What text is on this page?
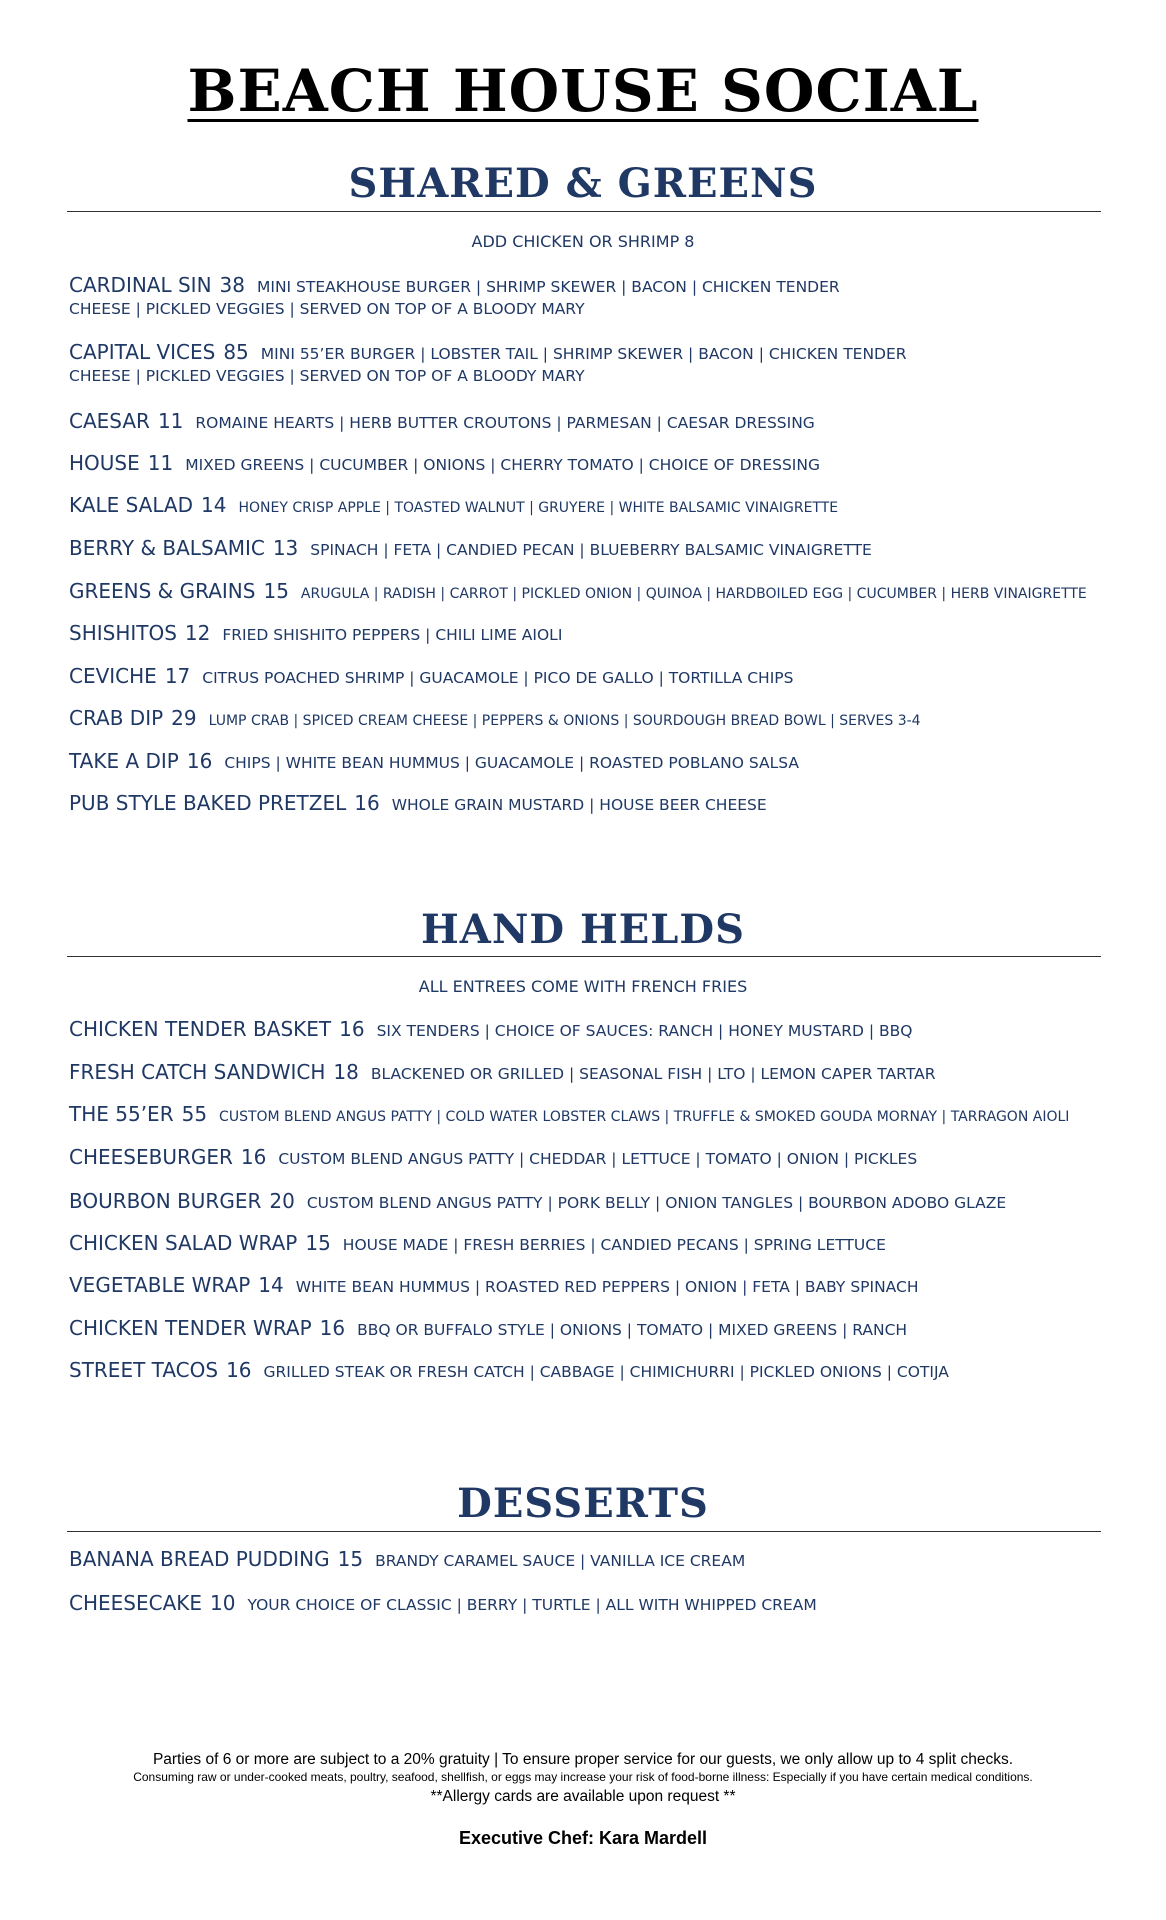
BEACH HOUSE SOCIAL
SHARED & GREENS
ADD CHICKEN OR SHRIMP 8
CARDINAL SIN 38 MINI STEAKHOUSE BURGER | SHRIMP SKEWER | BACON | CHICKEN TENDER
CHEESE | PICKLED VEGGIES | SERVED ON TOP OF A BLOODY MARY
CAPITAL VICES 85 MINI 55’ER BURGER | LOBSTER TAIL | SHRIMP SKEWER | BACON | CHICKEN TENDER
CHEESE | PICKLED VEGGIES | SERVED ON TOP OF A BLOODY MARY
CAESAR 11 ROMAINE HEARTS | HERB BUTTER CROUTONS | PARMESAN | CAESAR DRESSING
HOUSE 11 MIXED GREENS | CUCUMBER | ONIONS | CHERRY TOMATO | CHOICE OF DRESSING
KALE SALAD 14 HONEY CRISP APPLE | TOASTED WALNUT | GRUYERE | WHITE BALSAMIC VINAIGRETTE
BERRY & BALSAMIC 13 SPINACH | FETA | CANDIED PECAN | BLUEBERRY BALSAMIC VINAIGRETTE
GREENS & GRAINS 15 ARUGULA | RADISH | CARROT | PICKLED ONION | QUINOA | HARDBOILED EGG | CUCUMBER | HERB VINAIGRETTE
SHISHITOS 12 FRIED SHISHITO PEPPERS | CHILI LIME AIOLI
CEVICHE 17 CITRUS POACHED SHRIMP | GUACAMOLE | PICO DE GALLO | TORTILLA CHIPS
CRAB DIP 29 LUMP CRAB | SPICED CREAM CHEESE | PEPPERS & ONIONS | SOURDOUGH BREAD BOWL | SERVES 3-4
TAKE A DIP 16 CHIPS | WHITE BEAN HUMMUS | GUACAMOLE | ROASTED POBLANO SALSA
PUB STYLE BAKED PRETZEL 16 WHOLE GRAIN MUSTARD | HOUSE BEER CHEESE
HAND HELDS
ALL ENTREES COME WITH FRENCH FRIES
CHICKEN TENDER BASKET 16 SIX TENDERS | CHOICE OF SAUCES: RANCH | HONEY MUSTARD | BBQ
FRESH CATCH SANDWICH 18 BLACKENED OR GRILLED | SEASONAL FISH | LTO | LEMON CAPER TARTAR
THE 55’ER 55 CUSTOM BLEND ANGUS PATTY | COLD WATER LOBSTER CLAWS | TRUFFLE & SMOKED GOUDA MORNAY | TARRAGON AIOLI
CHEESEBURGER 16 CUSTOM BLEND ANGUS PATTY | CHEDDAR | LETTUCE | TOMATO | ONION | PICKLES
BOURBON BURGER 20 CUSTOM BLEND ANGUS PATTY | PORK BELLY | ONION TANGLES | BOURBON ADOBO GLAZE
CHICKEN SALAD WRAP 15 HOUSE MADE | FRESH BERRIES | CANDIED PECANS | SPRING LETTUCE
VEGETABLE WRAP 14 WHITE BEAN HUMMUS | ROASTED RED PEPPERS | ONION | FETA | BABY SPINACH
CHICKEN TENDER WRAP 16 BBQ OR BUFFALO STYLE | ONIONS | TOMATO | MIXED GREENS | RANCH
STREET TACOS 16 GRILLED STEAK OR FRESH CATCH | CABBAGE | CHIMICHURRI | PICKLED ONIONS | COTIJA
DESSERTS
BANANA BREAD PUDDING 15 BRANDY CARAMEL SAUCE | VANILLA ICE CREAM
CHEESECAKE 10 YOUR CHOICE OF CLASSIC | BERRY | TURTLE | ALL WITH WHIPPED CREAM
Parties of 6 or more are subject to a 20% gratuity | To ensure proper service for our guests, we only allow up to 4 split checks.
Consuming raw or under-cooked meats, poultry, seafood, shellfish, or eggs may increase your risk of food-borne illness: Especially if you have certain medical conditions.
**Allergy cards are available upon request **
Executive Chef: Kara Mardell
